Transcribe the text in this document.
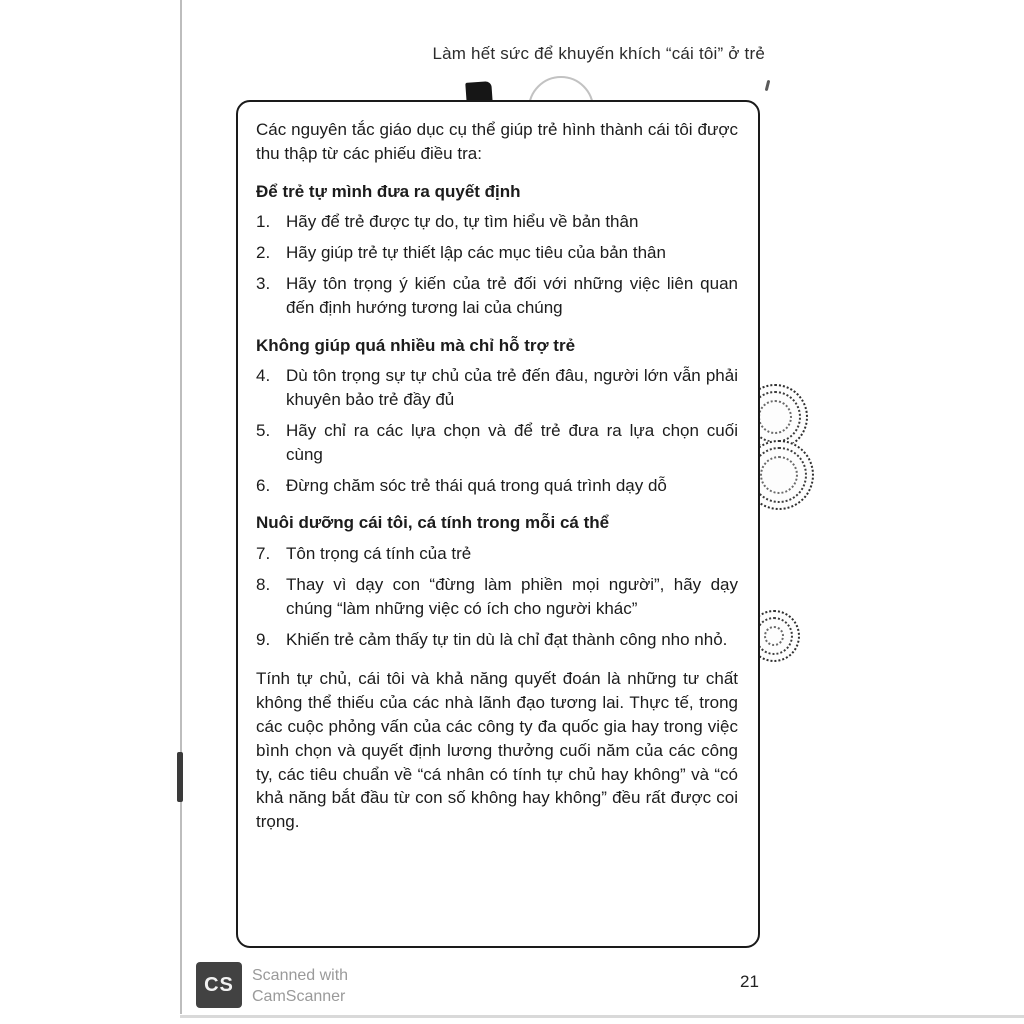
Làm hết sức để khuyến khích “cái tôi” ở trẻ

Các nguyên tắc giáo dục cụ thể giúp trẻ hình thành cái tôi được thu thập từ các phiếu điều tra:

Để trẻ tự mình đưa ra quyết định
1. Hãy để trẻ được tự do, tự tìm hiểu về bản thân
2. Hãy giúp trẻ tự thiết lập các mục tiêu của bản thân
3. Hãy tôn trọng ý kiến của trẻ đối với những việc liên quan đến định hướng tương lai của chúng
Không giúp quá nhiều mà chỉ hỗ trợ trẻ
4. Dù tôn trọng sự tự chủ của trẻ đến đâu, người lớn vẫn phải khuyên bảo trẻ đầy đủ
5. Hãy chỉ ra các lựa chọn và để trẻ đưa ra lựa chọn cuối cùng
6. Đừng chăm sóc trẻ thái quá trong quá trình dạy dỗ
Nuôi dưỡng cái tôi, cá tính trong mỗi cá thể
7. Tôn trọng cá tính của trẻ
8. Thay vì dạy con “đừng làm phiền mọi người”, hãy dạy chúng “làm những việc có ích cho người khác”
9. Khiến trẻ cảm thấy tự tin dù là chỉ đạt thành công nho nhỏ.

Tính tự chủ, cái tôi và khả năng quyết đoán là những tư chất không thể thiếu của các nhà lãnh đạo tương lai. Thực tế, trong các cuộc phỏng vấn của các công ty đa quốc gia hay trong việc bình chọn và quyết định lương thưởng cuối năm của các công ty, các tiêu chuẩn về “cá nhân có tính tự chủ hay không” và “có khả năng bắt đầu từ con số không hay không” đều rất được coi trọng.

CS Scanned with
CamScanner
21
